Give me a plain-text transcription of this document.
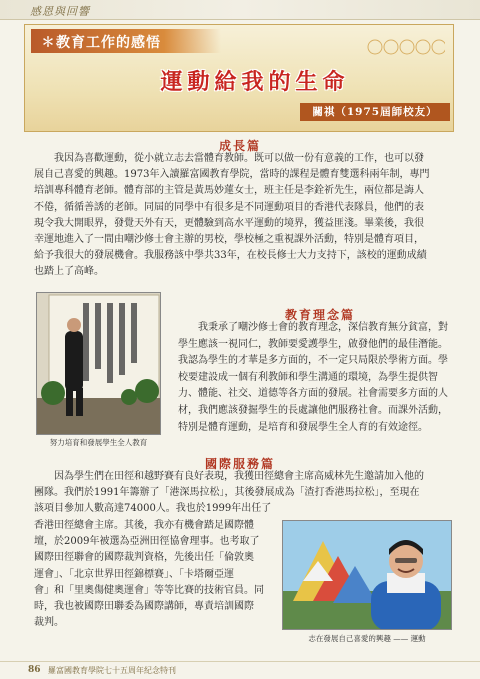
感恩與回響
✽教育工作的感悟
運動給我的生命
關祺（1975屆師校友）
成長篇
我因為喜歡運動，從小就立志去當體育教師。既可以做一份有意義的工作，也可以發
展自己喜愛的興趣。1973年入讀羅富國教育學院，當時的課程是體育雙選科兩年制，專門
培訓專科體育老師。體育部的主管是黃馬妙蓮女士，班主任是李銓祈先生，兩位都是誨人
不倦，循循善誘的老師。同屆的同學中有很多是不同運動項目的香港代表隊員，他們的表
現令我大開眼界，發覺天外有天，更體驗到高水平運動的境界，獲益匪淺。畢業後，我很
幸運地進入了一間由嘲沙修士會主辦的男校，學校極之重視課外活動，特別是體育項目，
給予我很大的發展機會。我服務該中學共33年，在校長修士大力支持下，該校的運動成績
也踏上了高峰。
努力培育和發展學生全人教育
教育理念篇
我秉承了嘲沙修士會的教育理念，深信教育無分貧富，對
學生應該一視同仁，教師要愛護學生，啟發他們的最佳潛能。
我認為學生的才華是多方面的，不一定只局限於學術方面。學
校要建設成一個有利教師和學生溝通的環境，為學生提供智
力、體能、社交、道德等各方面的發展。社會需要多方面的人
材，我們應該發掘學生的長處讓他們服務社會。而課外活動，
特別是體育運動，是培育和發展學生全人育的有效途徑。
國際服務篇
因為學生們在田徑和越野賽有良好表現，我獲田徑總會主席高威林先生邀請加入他的
團隊。我們於1991年籌辦了「港深馬拉松」，其後發展成為「渣打香港馬拉松」，至現在
該項目參加人數高達74000人。我也於1999年出任了
香港田徑總會主席。其後，我亦有機會踏足國際體
壇，於2009年被選為亞洲田徑協會理事。也考取了
國際田徑聯會的國際裁判資格，先後出任「倫敦奧
運會」、「北京世界田徑錦標賽」、「卡塔爾亞運
會」和「里奧傷健奧運會」等等比賽的技術官員。同
時，我也被國際田聯委為國際講師，專責培訓國際
裁判。
志在發展自己喜愛的興趣 —— 運動
86 羅富國教育學院七十五周年紀念特刊
